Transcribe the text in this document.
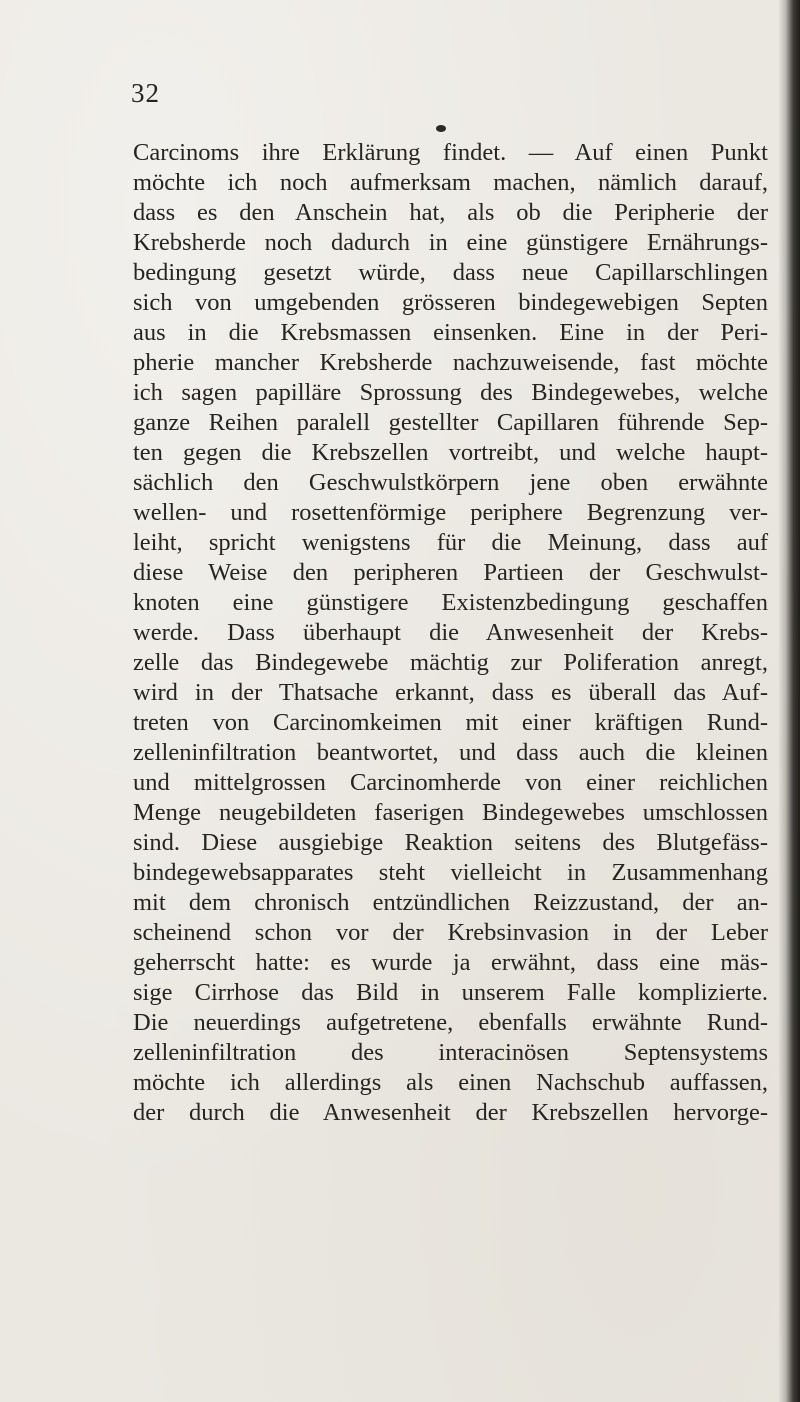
32

Carcinoms ihre Erklärung findet. — Auf einen Punkt
möchte ich noch aufmerksam machen, nämlich darauf,
dass es den Anschein hat, als ob die Peripherie der
Krebsherde noch dadurch in eine günstigere Ernährungs-
bedingung gesetzt würde, dass neue Capillarschlingen
sich von umgebenden grösseren bindegewebigen Septen
aus in die Krebsmassen einsenken. Eine in der Peri-
pherie mancher Krebsherde nachzuweisende, fast möchte
ich sagen papilläre Sprossung des Bindegewebes, welche
ganze Reihen paralell gestellter Capillaren führende Sep-
ten gegen die Krebszellen vortreibt, und welche haupt-
sächlich den Geschwulstkörpern jene oben erwähnte
wellen- und rosettenförmige periphere Begrenzung ver-
leiht, spricht wenigstens für die Meinung, dass auf
diese Weise den peripheren Partieen der Geschwulst-
knoten eine günstigere Existenzbedingung geschaffen
werde. Dass überhaupt die Anwesenheit der Krebs-
zelle das Bindegewebe mächtig zur Poliferation anregt,
wird in der Thatsache erkannt, dass es überall das Auf-
treten von Carcinomkeimen mit einer kräftigen Rund-
zelleninfiltration beantwortet, und dass auch die kleinen
und mittelgrossen Carcinomherde von einer reichlichen
Menge neugebildeten faserigen Bindegewebes umschlossen
sind. Diese ausgiebige Reaktion seitens des Blutgefäss-
bindegewebsapparates steht vielleicht in Zusammenhang
mit dem chronisch entzündlichen Reizzustand, der an-
scheinend schon vor der Krebsinvasion in der Leber
geherrscht hatte: es wurde ja erwähnt, dass eine mäs-
sige Cirrhose das Bild in unserem Falle komplizierte.
Die neuerdings aufgetretene, ebenfalls erwähnte Rund-
zelleninfiltration des interacinösen Septensystems
möchte ich allerdings als einen Nachschub auffassen,
der durch die Anwesenheit der Krebszellen hervorge-
